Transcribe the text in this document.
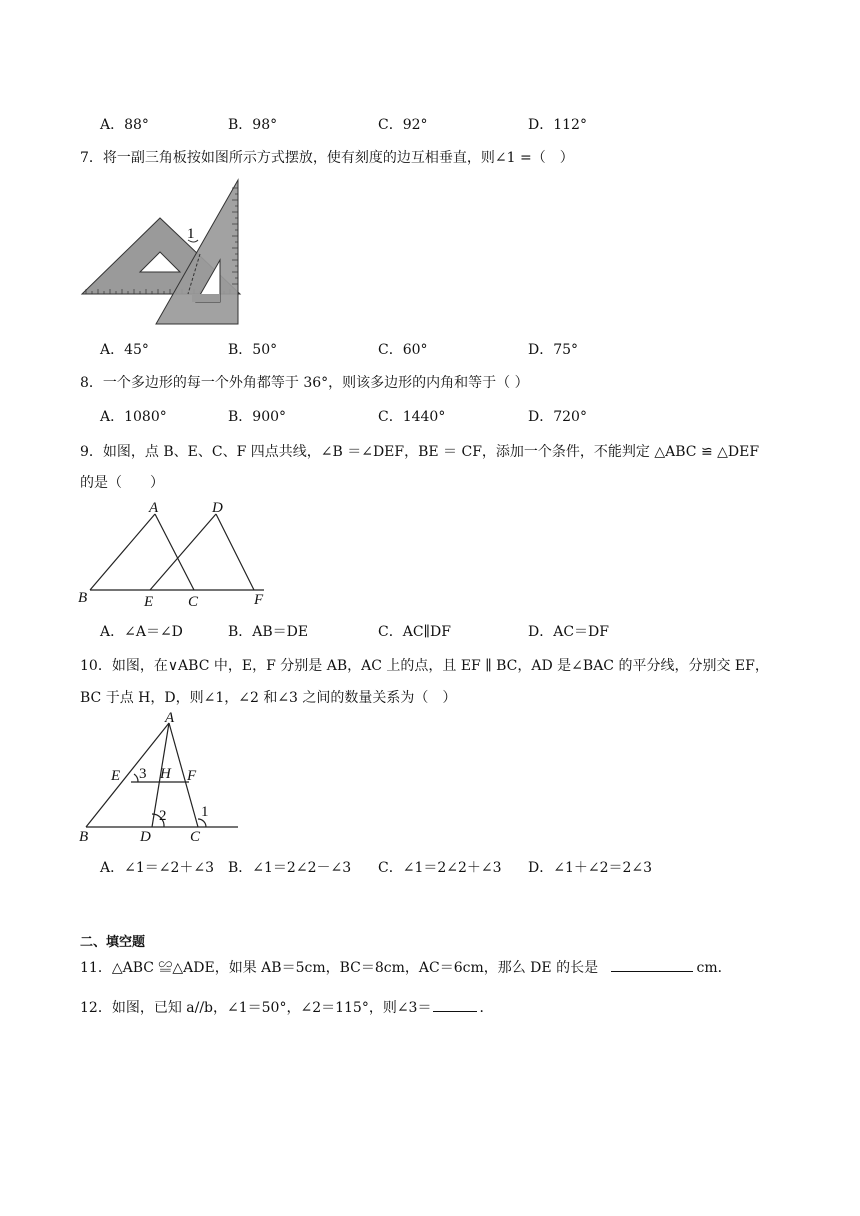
A．88°	B．98°	C．92°	D．112°
7．将一副三角板按如图所示方式摆放，使有刻度的边互相垂直，则∠1 =（　）
1
A．45°	B．50°	C．60°	D．75°
8．一个多边形的每一个外角都等于 36°，则该多边形的内角和等于（ ）
A．1080°	B．900°	C．1440°	D．720°
9．如图，点 B、E、C、F 四点共线，∠B ＝∠DEF，BE ＝ CF，添加一个条件，不能判定 △ABC ≌ △DEF
的是（　　）
A	D
B	E C	F
A．∠A＝∠D	B．AB＝DE	C．AC∥DF	D．AC＝DF
10．如图，在∨ABC 中，E，F 分别是 AB，AC 上的点，且 EF ∥ BC，AD 是∠BAC 的平分线，分别交 EF，
BC 于点 H，D，则∠1，∠2 和∠3 之间的数量关系为（　）
A
E	H F
3
2 1
B	D	C
A．∠1＝∠2＋∠3 B．∠1＝2∠2－∠3 C．∠1＝2∠2＋∠3 D．∠1＋∠2＝2∠3
二、填空题
11．△ABC ≌△ADE，如果 AB＝5cm，BC＝8cm，AC＝6cm，那么 DE 的长是	cm．
12．如图，已知 a//b，∠1＝50°，∠2＝115°，则∠3＝	．
